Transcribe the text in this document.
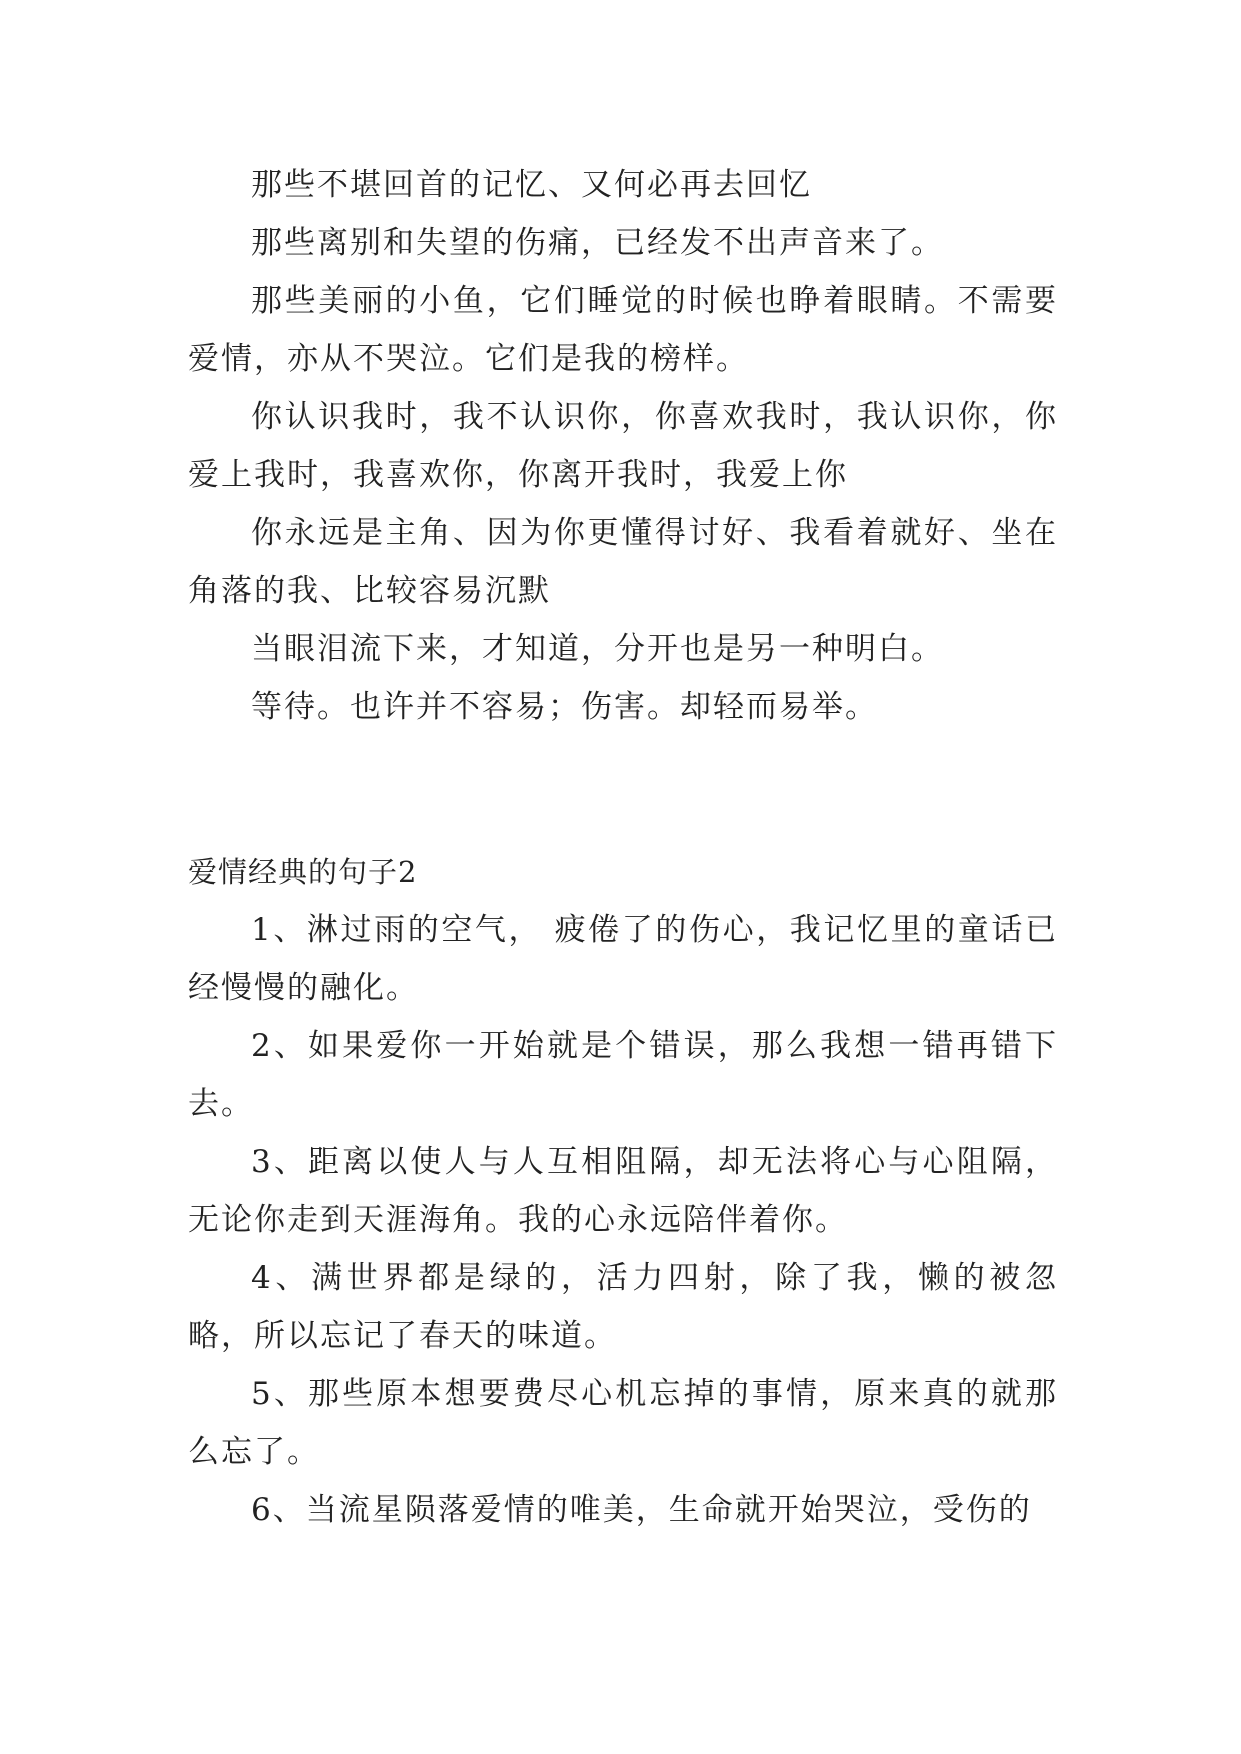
那些不堪回首的记忆、又何必再去回忆

那些离别和失望的伤痛，已经发不出声音来了。

那些美丽的小鱼，它们睡觉的时候也睁着眼睛。不需要爱情，亦从不哭泣。它们是我的榜样。

你认识我时，我不认识你，你喜欢我时，我认识你，你爱上我时，我喜欢你，你离开我时，我爱上你

你永远是主角、因为你更懂得讨好、我看着就好、坐在角落的我、比较容易沉默

当眼泪流下来，才知道，分开也是另一种明白。

等待。也许并不容易；伤害。却轻而易举。

爱情经典的句子2

1、淋过雨的空气， 疲倦了的伤心，我记忆里的童话已经慢慢的融化。

2、如果爱你一开始就是个错误，那么我想一错再错下去。

3、距离以使人与人互相阻隔，却无法将心与心阻隔，无论你走到天涯海角。我的心永远陪伴着你。

4、满世界都是绿的，活力四射，除了我，懒的被忽略，所以忘记了春天的味道。

5、那些原本想要费尽心机忘掉的事情，原来真的就那么忘了。

6、当流星陨落爱情的唯美，生命就开始哭泣，受伤的
